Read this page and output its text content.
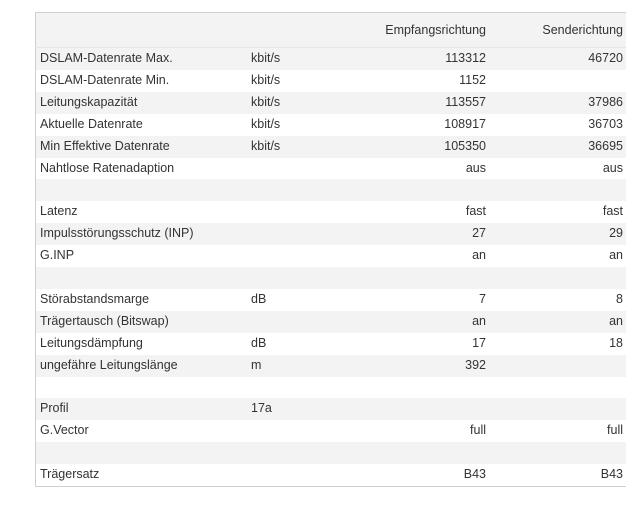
		Empfangsrichtung	Senderichtung
DSLAM-Datenrate Max.	kbit/s	113312	46720
DSLAM-Datenrate Min.	kbit/s	1152	
Leitungskapazität	kbit/s	113557	37986
Aktuelle Datenrate	kbit/s	108917	36703
Min Effektive Datenrate	kbit/s	105350	36695
Nahtlose Ratenadaption		aus	aus

Latenz		fast	fast
Impulsstörungsschutz (INP)		27	29
G.INP		an	an

Störabstandsmarge	dB	7	8
Trägertausch (Bitswap)		an	an
Leitungsdämpfung	dB	17	18
ungefähre Leitungslänge	m	392	

Profil	17a		
G.Vector		full	full

Trägersatz		B43	B43
